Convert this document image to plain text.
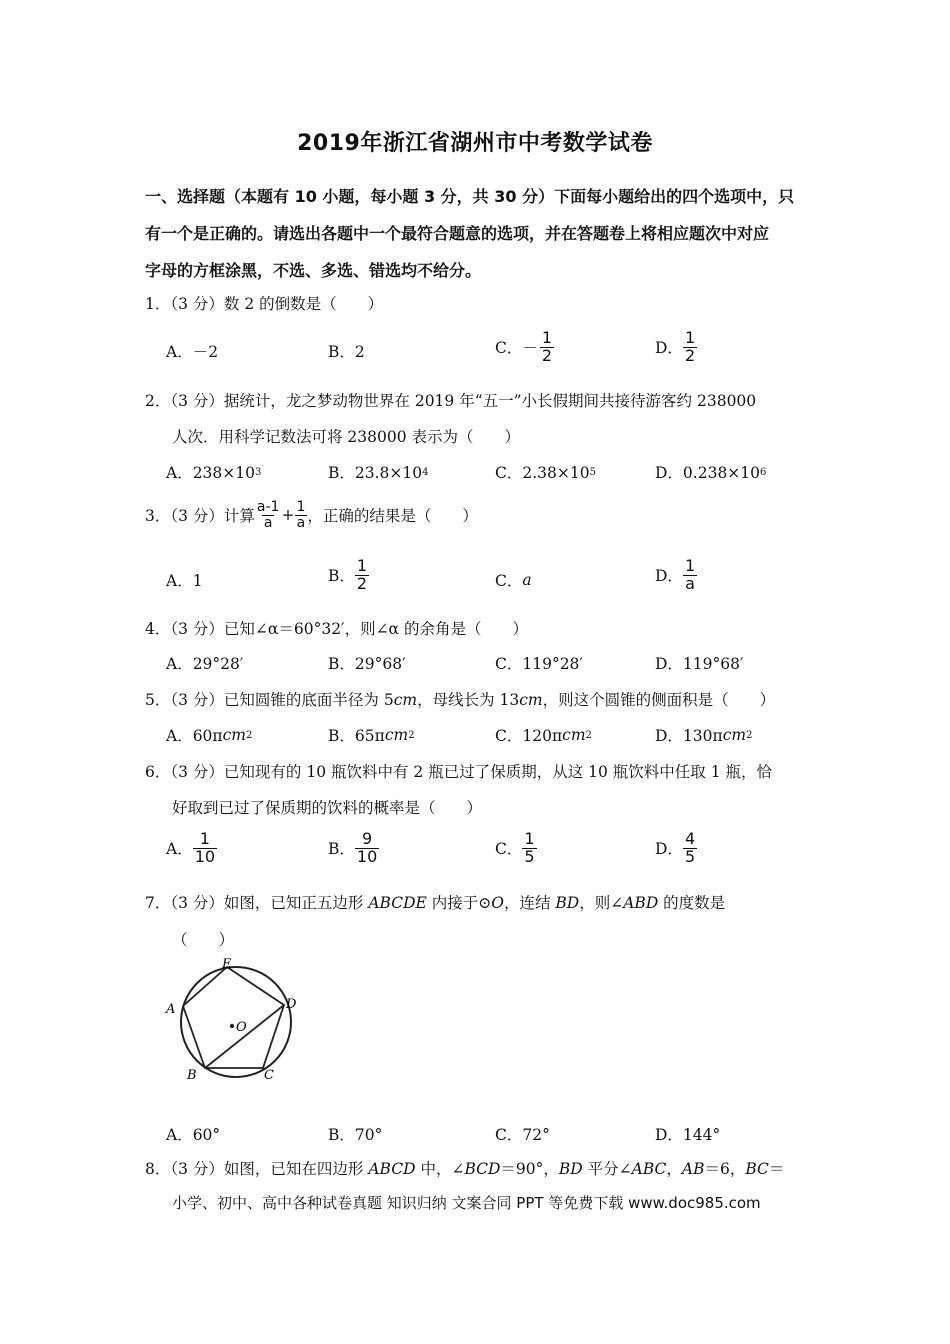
2019年浙江省湖州市中考数学试卷
一、选择题（本题有 10 小题，每小题 3 分，共 30 分）下面每小题给出的四个选项中，只
有一个是正确的。请选出各题中一个最符合题意的选项，并在答题卷上将相应题次中对应
字母的方框涂黑，不选、多选、错选均不给分。
1．（3 分）数 2 的倒数是（　　）
A．－2	B．2	C． － $\frac{1}{2}$	D． $\frac{1}{2}$
2．（3 分）据统计，龙之梦动物世界在 2019 年“五一”小长假期间共接待游客约 238000
人次．用科学记数法可将 238000 表示为（　　）
A．238×10 3	B．23.8×10 4	C．2.38×10 5	D．0.238×10 6
3．（3 分）计算 $\frac{a-1}{a} + \frac{1}{a}$ ，正确的结果是（　　）
A．1	B． $\frac{1}{2}$	C． a	D． $\frac{1}{a}$
4．（3 分）已知∠α＝60°32′，则∠α 的余角是（　　）
A．29°28′	B．29°68′	C．119°28′	D．119°68′
5．（3 分）已知圆锥的底面半径为 5cm，母线长为 13cm，则这个圆锥的侧面积是（　　）
A．60π cm 2	B．65π cm 2	C．120π cm 2	D．130π cm 2
6．（3 分）已知现有的 10 瓶饮料中有 2 瓶已过了保质期，从这 10 瓶饮料中任取 1 瓶，恰
好取到已过了保质期的饮料的概率是（　　）
A． $\frac{1}{10}$	B． $\frac{9}{10}$	C． $\frac{1}{5}$	D． $\frac{4}{5}$
7．（3 分）如图，已知正五边形 ABCDE 内接于⊙O，连结 BD，则∠ABD 的度数是
（　　）
E
A	D
O
B	C
A．60°	B．70°	C．72°	D．144°
8．（3 分）如图，已知在四边形 ABCD 中，∠BCD＝90°，BD 平分∠ABC，AB＝6，BC＝
小学、初中、高中各种试卷真题 知识归纳 文案合同 PPT 等免费下载 www.doc985.com
